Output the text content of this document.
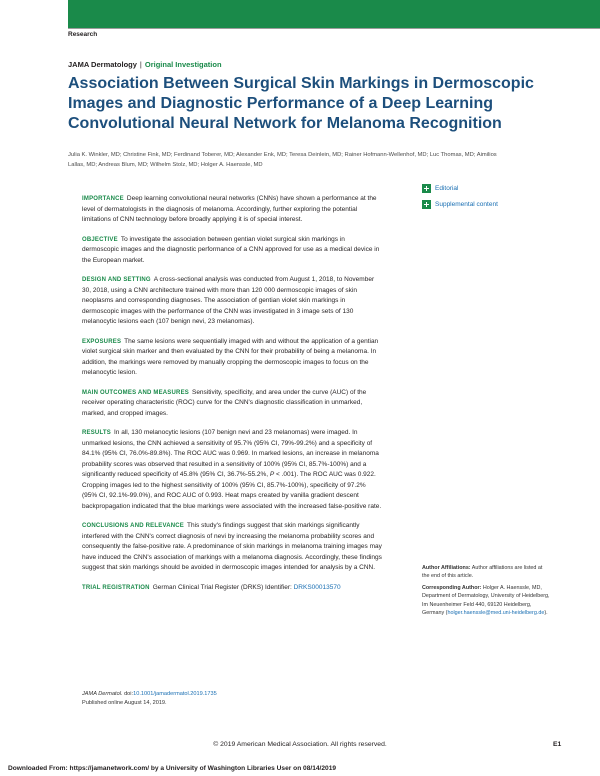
Research
JAMA Dermatology | Original Investigation
Association Between Surgical Skin Markings in Dermoscopic Images and Diagnostic Performance of a Deep Learning Convolutional Neural Network for Melanoma Recognition
Julia K. Winkler, MD; Christine Fink, MD; Ferdinand Toberer, MD; Alexander Enk, MD; Teresa Deinlein, MD; Rainer Hofmann-Wellenhof, MD; Luc Thomas, MD; Aimilios Lallas, MD; Andreas Blum, MD; Wilhelm Stolz, MD; Holger A. Haenssle, MD
Editorial
Supplemental content

IMPORTANCE Deep learning convolutional neural networks (CNNs) have shown a performance at the level of dermatologists in the diagnosis of melanoma. Accordingly, further exploring the potential limitations of CNN technology before broadly applying it is of special interest.

OBJECTIVE To investigate the association between gentian violet surgical skin markings in dermoscopic images and the diagnostic performance of a CNN approved for use as a medical device in the European market.

DESIGN AND SETTING A cross-sectional analysis was conducted from August 1, 2018, to November 30, 2018, using a CNN architecture trained with more than 120 000 dermoscopic images of skin neoplasms and corresponding diagnoses. The association of gentian violet skin markings in dermoscopic images with the performance of the CNN was investigated in 3 image sets of 130 melanocytic lesions each (107 benign nevi, 23 melanomas).

EXPOSURES The same lesions were sequentially imaged with and without the application of a gentian violet surgical skin marker and then evaluated by the CNN for their probability of being a melanoma. In addition, the markings were removed by manually cropping the dermoscopic images to focus on the melanocytic lesion.

MAIN OUTCOMES AND MEASURES Sensitivity, specificity, and area under the curve (AUC) of the receiver operating characteristic (ROC) curve for the CNN's diagnostic classification in unmarked, marked, and cropped images.

RESULTS In all, 130 melanocytic lesions (107 benign nevi and 23 melanomas) were imaged. In unmarked lesions, the CNN achieved a sensitivity of 95.7% (95% CI, 79%-99.2%) and a specificity of 84.1% (95% CI, 76.0%-89.8%). The ROC AUC was 0.969. In marked lesions, an increase in melanoma probability scores was observed that resulted in a sensitivity of 100% (95% CI, 85.7%-100%) and a significantly reduced specificity of 45.8% (95% CI, 36.7%-55.2%, P < .001). The ROC AUC was 0.922. Cropping images led to the highest sensitivity of 100% (95% CI, 85.7%-100%), specificity of 97.2% (95% CI, 92.1%-99.0%), and ROC AUC of 0.993. Heat maps created by vanilla gradient descent backpropagation indicated that the blue markings were associated with the increased false-positive rate.

CONCLUSIONS AND RELEVANCE This study's findings suggest that skin markings significantly interfered with the CNN's correct diagnosis of nevi by increasing the melanoma probability scores and consequently the false-positive rate. A predominance of skin markings in melanoma training images may have induced the CNN's association of markings with a melanoma diagnosis. Accordingly, these findings suggest that skin markings should be avoided in dermoscopic images intended for analysis by a CNN.

TRIAL REGISTRATION German Clinical Trial Register (DRKS) Identifier: DRKS00013570

Author Affiliations: Author affiliations are listed at the end of this article.

Corresponding Author: Holger A. Haenssle, MD, Department of Dermatology, University of Heidelberg, Im Neuenheimer Feld 440, 69120 Heidelberg, Germany (holger.haenssle@med.uni-heidelberg.de).

JAMA Dermatol. doi:10.1001/jamadermatol.2019.1735

Published online August 14, 2019.

© 2019 American Medical Association. All rights reserved.	E1
Downloaded From: https://jamanetwork.com/ by a University of Washington Libraries User on 08/14/2019
